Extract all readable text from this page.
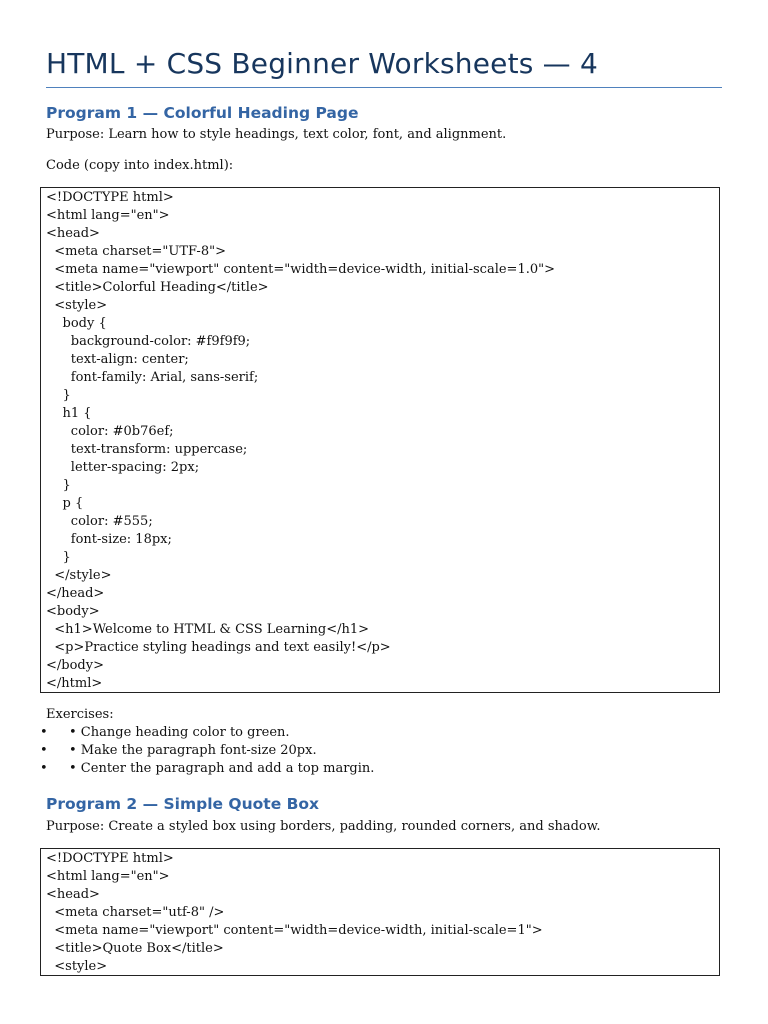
HTML + CSS Beginner Worksheets — 4
Program 1 — Colorful Heading Page

Purpose: Learn how to style headings, text color, font, and alignment.

Code (copy into index.html):

<!DOCTYPE html>
<html lang="en">
<head>
<meta charset="UTF-8">
<meta name="viewport" content="width=device-width, initial-scale=1.0">
<title>Colorful Heading</title>
<style>
body {
background-color: #f9f9f9;
text-align: center;
font-family: Arial, sans-serif;
}
h1 {
color: #0b76ef;
text-transform: uppercase;
letter-spacing: 2px;
}
p {
color: #555;
font-size: 18px;
}
</style>
</head>
<body>
<h1>Welcome to HTML & CSS Learning</h1>
<p>Practice styling headings and text easily!</p>
</body>
</html>

Exercises:

• • Change heading color to green.
• • Make the paragraph font-size 20px.
• • Center the paragraph and add a top margin.
Program 2 — Simple Quote Box

Purpose: Create a styled box using borders, padding, rounded corners, and shadow.

<!DOCTYPE html>
<html lang="en">
<head>
<meta charset="utf-8" />
<meta name="viewport" content="width=device-width, initial-scale=1">
<title>Quote Box</title>
<style>
